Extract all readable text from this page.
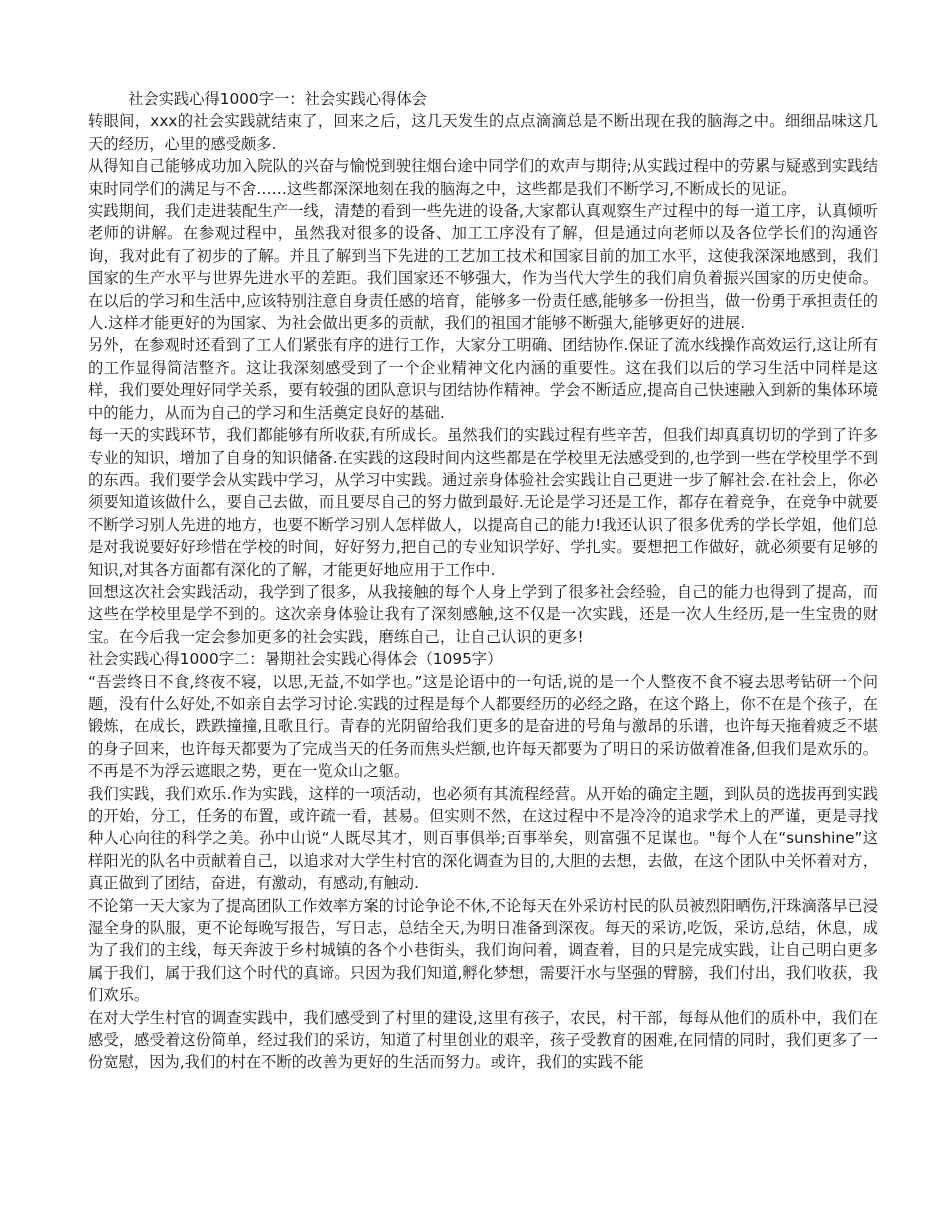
社会实践心得1000字一：社会实践心得体会

转眼间，xxx的社会实践就结束了，回来之后，这几天发生的点点滴滴总是不断出现在我的脑海之中。细细品味这几天的经历，心里的感受颇多.

从得知自己能够成功加入院队的兴奋与愉悦到驶往烟台途中同学们的欢声与期待;从实践过程中的劳累与疑惑到实践结束时同学们的满足与不舍……这些都深深地刻在我的脑海之中，这些都是我们不断学习,不断成长的见证。

实践期间，我们走进装配生产一线，清楚的看到一些先进的设备,大家都认真观察生产过程中的每一道工序，认真倾听老师的讲解。在参观过程中，虽然我对很多的设备、加工工序没有了解，但是通过向老师以及各位学长们的沟通咨询，我对此有了初步的了解。并且了解到当下先进的工艺加工技术和国家目前的加工水平，这使我深深地感到，我们国家的生产水平与世界先进水平的差距。我们国家还不够强大，作为当代大学生的我们肩负着振兴国家的历史使命。在以后的学习和生活中,应该特别注意自身责任感的培育，能够多一份责任感,能够多一份担当，做一份勇于承担责任的人.这样才能更好的为国家、为社会做出更多的贡献，我们的祖国才能够不断强大,能够更好的进展.

另外，在参观时还看到了工人们紧张有序的进行工作，大家分工明确、团结协作.保证了流水线操作高效运行,这让所有的工作显得简洁整齐。这让我深刻感受到了一个企业精神文化内涵的重要性。这在我们以后的学习生活中同样是这样，我们要处理好同学关系，要有较强的团队意识与团结协作精神。学会不断适应,提高自己快速融入到新的集体环境中的能力，从而为自己的学习和生活奠定良好的基础.

每一天的实践环节，我们都能够有所收获,有所成长。虽然我们的实践过程有些辛苦，但我们却真真切切的学到了许多专业的知识，增加了自身的知识储备.在实践的这段时间内这些都是在学校里无法感受到的,也学到一些在学校里学不到的东西。我们要学会从实践中学习，从学习中实践。通过亲身体验社会实践让自己更进一步了解社会.在社会上，你必须要知道该做什么，要自己去做，而且要尽自己的努力做到最好.无论是学习还是工作，都存在着竞争，在竞争中就要不断学习别人先进的地方，也要不断学习别人怎样做人，以提高自己的能力!我还认识了很多优秀的学长学姐，他们总是对我说要好好珍惜在学校的时间，好好努力,把自己的专业知识学好、学扎实。要想把工作做好，就必须要有足够的知识,对其各方面都有深化的了解，才能更好地应用于工作中.

回想这次社会实践活动，我学到了很多，从我接触的每个人身上学到了很多社会经验，自己的能力也得到了提高，而这些在学校里是学不到的。这次亲身体验让我有了深刻感触,这不仅是一次实践，还是一次人生经历,是一生宝贵的财宝。在今后我一定会参加更多的社会实践，磨练自己，让自己认识的更多!

社会实践心得1000字二：暑期社会实践心得体会（1095字）

“吾尝终日不食,终夜不寝，以思,无益,不如学也。”这是论语中的一句话,说的是一个人整夜不食不寝去思考钻研一个问题，没有什么好处,不如亲自去学习讨论.实践的过程是每个人都要经历的必经之路，在这个路上，你不在是个孩子，在锻炼，在成长，跌跌撞撞,且歌且行。青春的光阴留给我们更多的是奋进的号角与激昂的乐谱，也许每天拖着疲乏不堪的身子回来，也许每天都要为了完成当天的任务而焦头烂额,也许每天都要为了明日的采访做着准备,但我们是欢乐的。不再是不为浮云遮眼之势，更在一览众山之躯。

我们实践，我们欢乐.作为实践，这样的一项活动，也必须有其流程经营。从开始的确定主题，到队员的选拔再到实践的开始，分工，任务的布置，或许疏一看，甚易。但实则不然，在这过程中不是冷冷的追求学术上的严谨，更是寻找种人心向往的科学之美。孙中山说“人既尽其才，则百事俱举;百事举矣，则富强不足谋也。"每个人在“sunshine”这样阳光的队名中贡献着自己，以追求对大学生村官的深化调查为目的,大胆的去想，去做，在这个团队中关怀着对方，真正做到了团结，奋进，有激动，有感动,有触动.

不论第一天大家为了提高团队工作效率方案的讨论争论不休,不论每天在外采访村民的队员被烈阳晒伤,汗珠滴落早已浸湿全身的队服，更不论每晚写报告，写日志，总结全天,为明日准备到深夜。每天的采访,吃饭，采访,总结，休息，成为了我们的主线，每天奔波于乡村城镇的各个小巷街头，我们询问着，调查着，目的只是完成实践，让自己明白更多属于我们，属于我们这个时代的真谛。只因为我们知道,孵化梦想，需要汗水与坚强的臂膀，我们付出，我们收获，我们欢乐。

在对大学生村官的调查实践中，我们感受到了村里的建设,这里有孩子，农民，村干部，每每从他们的质朴中，我们在感受，感受着这份简单，经过我们的采访，知道了村里创业的艰辛，孩子受教育的困难,在同情的同时，我们更多了一份宽慰，因为,我们的村在不断的改善为更好的生活而努力。或许，我们的实践不能
